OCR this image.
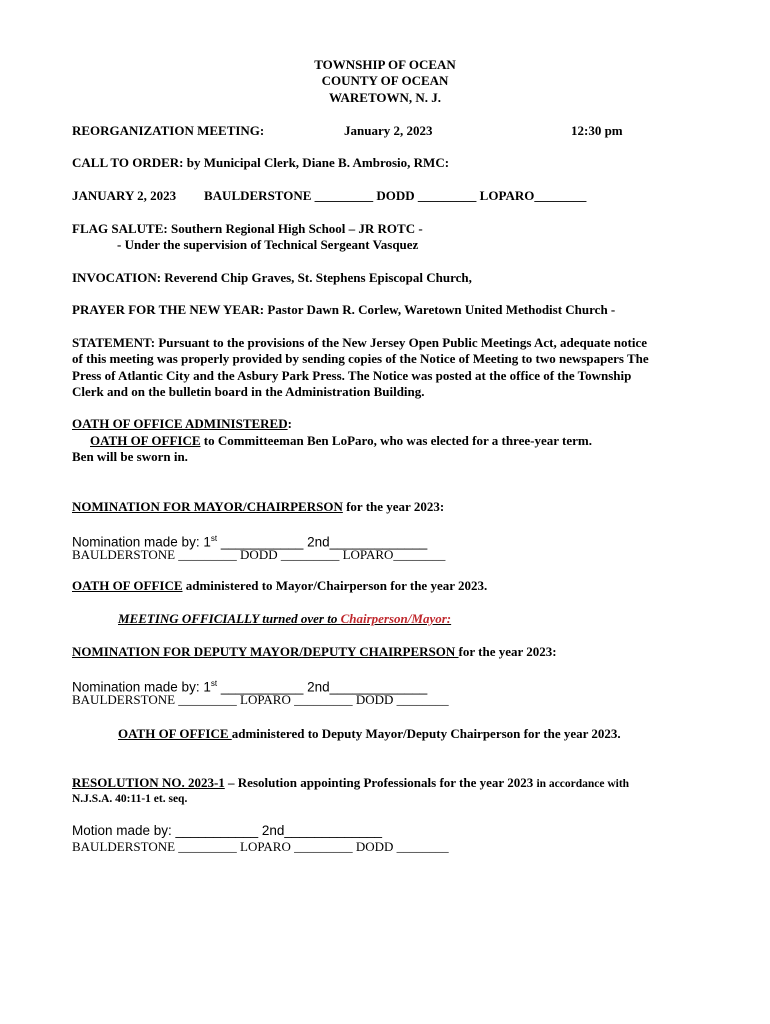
TOWNSHIP OF OCEAN
COUNTY OF OCEAN
WARETOWN, N. J.
REORGANIZATION MEETING:	January 2, 2023	12:30 pm
CALL TO ORDER: by Municipal Clerk, Diane B. Ambrosio, RMC:
JANUARY 2, 2023 BAULDERSTONE _________ DODD _________ LOPARO________
FLAG SALUTE: Southern Regional High School – JR ROTC -
- Under the supervision of Technical Sergeant Vasquez
INVOCATION: Reverend Chip Graves, St. Stephens Episcopal Church,
PRAYER FOR THE NEW YEAR: Pastor Dawn R. Corlew, Waretown United Methodist Church -
STATEMENT: Pursuant to the provisions of the New Jersey Open Public Meetings Act, adequate notice
of this meeting was properly provided by sending copies of the Notice of Meeting to two newspapers The
Press of Atlantic City and the Asbury Park Press. The Notice was posted at the office of the Township
Clerk and on the bulletin board in the Administration Building.
OATH OF OFFICE ADMINISTERED:
OATH OF OFFICE to Committeeman Ben LoParo, who was elected for a three-year term.
Ben will be sworn in.
NOMINATION FOR MAYOR/CHAIRPERSON for the year 2023:
Nomination made by: 1st ___________ 2nd_____________
BAULDERSTONE _________ DODD _________ LOPARO________
OATH OF OFFICE administered to Mayor/Chairperson for the year 2023.
MEETING OFFICIALLY turned over to Chairperson/Mayor:
NOMINATION FOR DEPUTY MAYOR/DEPUTY CHAIRPERSON for the year 2023:
Nomination made by: 1st ___________ 2nd_____________
BAULDERSTONE _________ LOPARO _________ DODD ________
OATH OF OFFICE administered to Deputy Mayor/Deputy Chairperson for the year 2023.
RESOLUTION NO. 2023-1 – Resolution appointing Professionals for the year 2023 in accordance with
N.J.S.A. 40:11-1 et. seq.
Motion made by: ___________ 2nd_____________
BAULDERSTONE _________ LOPARO _________ DODD ________
